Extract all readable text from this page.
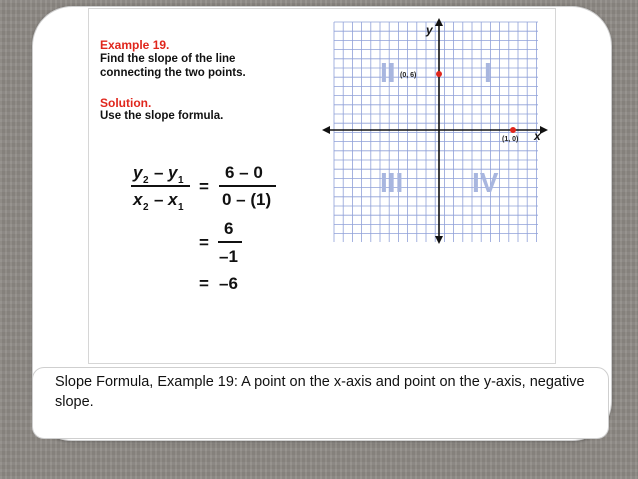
Example 19.
Find the slope of the line
connecting the two points.
Solution.
Use the slope formula.
y 2 – y 1
x 2 – x 1
=
6 – 0
0 – (1)
=
6
–1
= –6
II	I
III IV
y
x
(0, 6)
(1, 0)
Slope Formula, Example 19: A point on the x-axis and point on the y-axis, negative slope.
